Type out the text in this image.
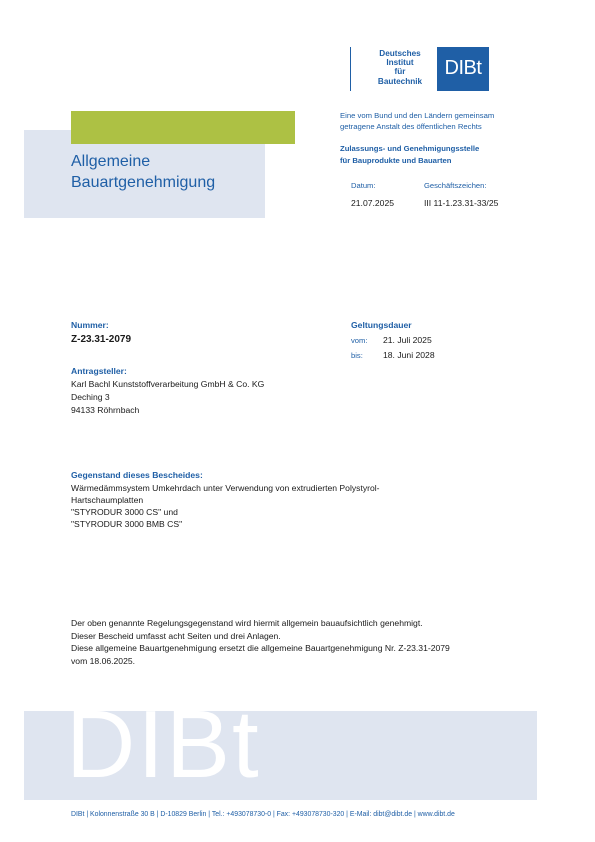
Deutsches
Institut
für
Bautechnik
DIBt
Eine vom Bund und den Ländern gemeinsam
getragene Anstalt des öffentlichen Rechts
Zulassungs- und Genehmigungsstelle
für Bauprodukte und Bauarten
Datum:	Geschäftszeichen:
21.07.2025	III 11-1.23.31-33/25
Allgemeine
Bauartgenehmigung
Nummer:
Z-23.31-2079
Geltungsdauer
vom: 21. Juli 2025
bis: 18. Juni 2028
Antragsteller:
Karl Bachl Kunststoffverarbeitung GmbH & Co. KG
Deching 3
94133 Röhrnbach
Gegenstand dieses Bescheides:
Wärmedämmsystem Umkehrdach unter Verwendung von extrudierten Polystyrol-
Hartschaumplatten
"STYRODUR 3000 CS" und
"STYRODUR 3000 BMB CS"
Der oben genannte Regelungsgegenstand wird hiermit allgemein bauaufsichtlich genehmigt.
Dieser Bescheid umfasst acht Seiten und drei Anlagen.
Diese allgemeine Bauartgenehmigung ersetzt die allgemeine Bauartgenehmigung Nr. Z-23.31-2079
vom 18.06.2025.
DIBt
DIBt | Kolonnenstraße 30 B | D-10829 Berlin | Tel.: +493078730-0 | Fax: +493078730-320 | E-Mail: dibt@dibt.de | www.dibt.de
